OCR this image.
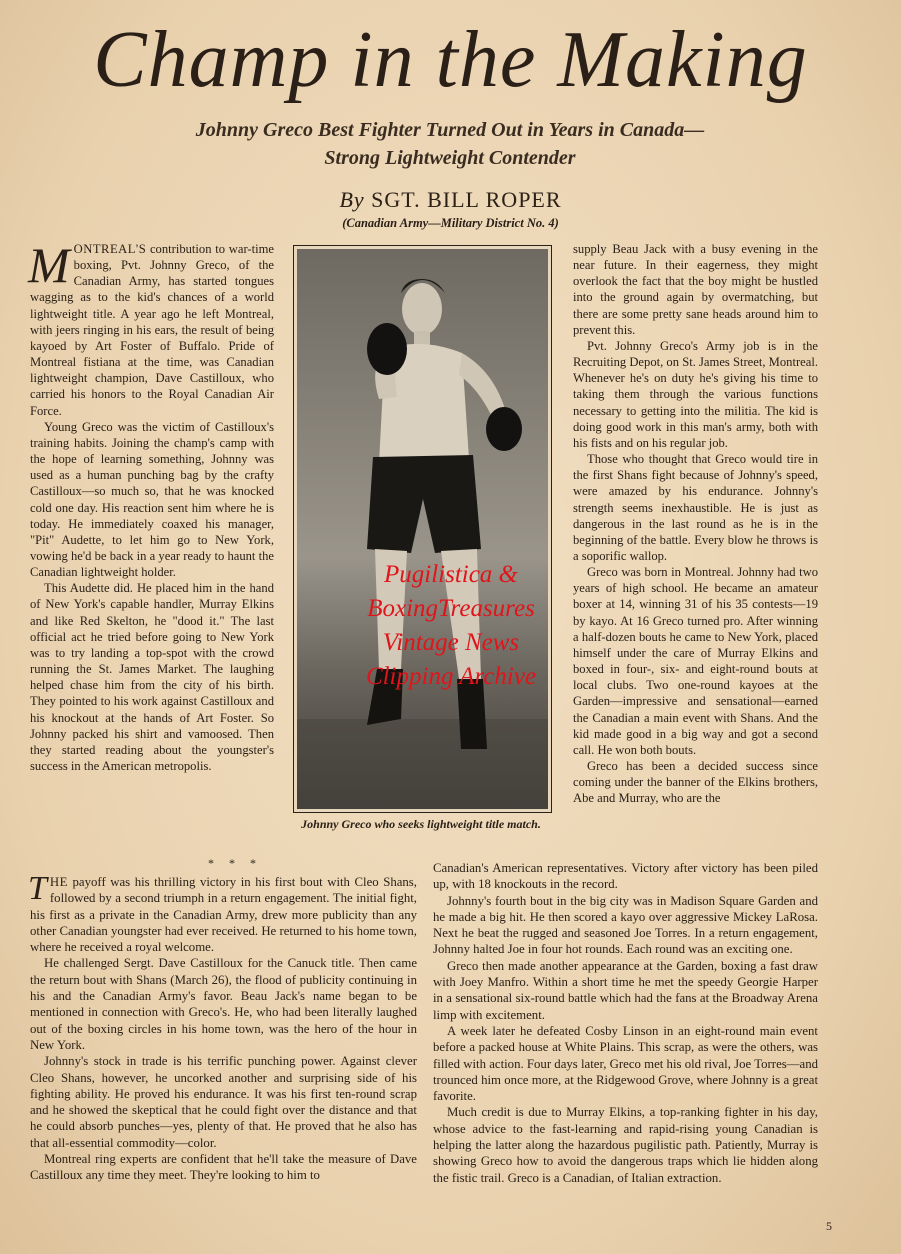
Champ in the Making
Johnny Greco Best Fighter Turned Out in Years in Canada—
Strong Lightweight Contender
By SGT. BILL ROPER
(Canadian Army—Military District No. 4)

MONTREAL'S contribution to war-time boxing, Pvt. Johnny Greco, of the Canadian Army, has started tongues wagging as to the kid's chances of a world lightweight title. A year ago he left Montreal, with jeers ringing in his ears, the result of being kayoed by Art Foster of Buffalo. Pride of Montreal fistiana at the time, was Canadian lightweight champion, Dave Castilloux, who carried his honors to the Royal Canadian Air Force.

Young Greco was the victim of Castilloux's training habits. Joining the champ's camp with the hope of learning something, Johnny was used as a human punching bag by the crafty Castilloux—so much so, that he was knocked cold one day. His reaction sent him where he is today. He immediately coaxed his manager, "Pit" Audette, to let him go to New York, vowing he'd be back in a year ready to haunt the Canadian lightweight holder.

This Audette did. He placed him in the hand of New York's capable handler, Murray Elkins and like Red Skelton, he "dood it." The last official act he tried before going to New York was to try landing a top-spot with the crowd running the St. James Market. The laughing helped chase him from the city of his birth. They pointed to his work against Castilloux and his knockout at the hands of Art Foster. So Johnny packed his shirt and vamoosed. Then they started reading about the youngster's success in the American metropolis.

Johnny Greco who seeks lightweight title match.
Pugilistica &
BoxingTreasures
Vintage News
Clipping Archive

supply Beau Jack with a busy evening in the near future. In their eagerness, they might overlook the fact that the boy might be hustled into the ground again by overmatching, but there are some pretty sane heads around him to prevent this.

Pvt. Johnny Greco's Army job is in the Recruiting Depot, on St. James Street, Montreal. Whenever he's on duty he's giving his time to taking them through the various functions necessary to getting into the militia. The kid is doing good work in this man's army, both with his fists and on his regular job.

Those who thought that Greco would tire in the first Shans fight because of Johnny's speed, were amazed by his endurance. Johnny's strength seems inexhaustible. He is just as dangerous in the last round as he is in the beginning of the battle. Every blow he throws is a soporific wallop.

Greco was born in Montreal. Johnny had two years of high school. He became an amateur boxer at 14, winning 31 of his 35 contests—19 by kayo. At 16 Greco turned pro. After winning a half-dozen bouts he came to New York, placed himself under the care of Murray Elkins and boxed in four-, six- and eight-round bouts at local clubs. Two one-round kayoes at the Garden—impressive and sensational—earned the Canadian a main event with Shans. And the kid made good in a big way and got a second call. He won both bouts.

Greco has been a decided success since coming under the banner of the Elkins brothers, Abe and Murray, who are the

* * *

THE payoff was his thrilling victory in his first bout with Cleo Shans, followed by a second triumph in a return engagement. The initial fight, his first as a private in the Canadian Army, drew more publicity than any other Canadian youngster had ever received. He returned to his home town, where he received a royal welcome.

He challenged Sergt. Dave Castilloux for the Canuck title. Then came the return bout with Shans (March 26), the flood of publicity continuing in his and the Canadian Army's favor. Beau Jack's name began to be mentioned in connection with Greco's. He, who had been literally laughed out of the boxing circles in his home town, was the hero of the hour in New York.

Johnny's stock in trade is his terrific punching power. Against clever Cleo Shans, however, he uncorked another and surprising side of his fighting ability. He proved his endurance. It was his first ten-round scrap and he showed the skeptical that he could fight over the distance and that he could absorb punches—yes, plenty of that. He proved that he also has that all-essential commodity—color.

Montreal ring experts are confident that he'll take the measure of Dave Castilloux any time they meet. They're looking to him to

Canadian's American representatives. Victory after victory has been piled up, with 18 knockouts in the record.

Johnny's fourth bout in the big city was in Madison Square Garden and he made a big hit. He then scored a kayo over aggressive Mickey LaRosa. Next he beat the rugged and seasoned Joe Torres. In a return engagement, Johnny halted Joe in four hot rounds. Each round was an exciting one.

Greco then made another appearance at the Garden, boxing a fast draw with Joey Manfro. Within a short time he met the speedy Georgie Harper in a sensational six-round battle which had the fans at the Broadway Arena limp with excitement.

A week later he defeated Cosby Linson in an eight-round main event before a packed house at White Plains. This scrap, as were the others, was filled with action. Four days later, Greco met his old rival, Joe Torres—and trounced him once more, at the Ridgewood Grove, where Johnny is a great favorite.

Much credit is due to Murray Elkins, a top-ranking fighter in his day, whose advice to the fast-learning and rapid-rising young Canadian is helping the latter along the hazardous pugilistic path. Patiently, Murray is showing Greco how to avoid the dangerous traps which lie hidden along the fistic trail. Greco is a Canadian, of Italian extraction.

5
